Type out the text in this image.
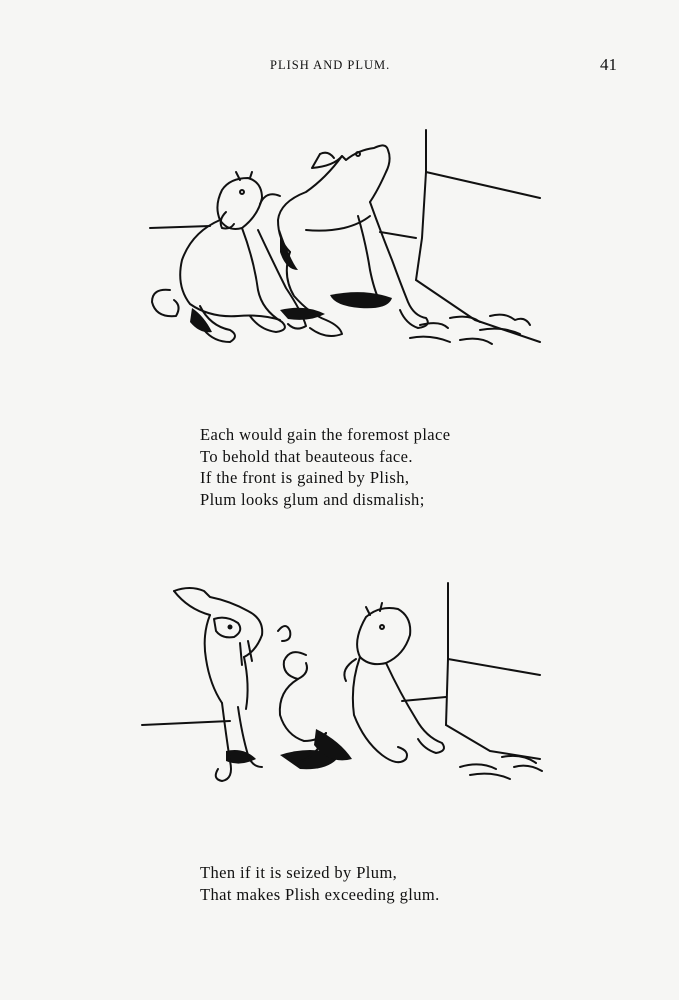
PLISH AND PLUM.	41
Each would gain the foremost place
To behold that beauteous face.
If the front is gained by Plish,
Plum looks glum and dismalish;
Then if it is seized by Plum,
That makes Plish exceeding glum.
